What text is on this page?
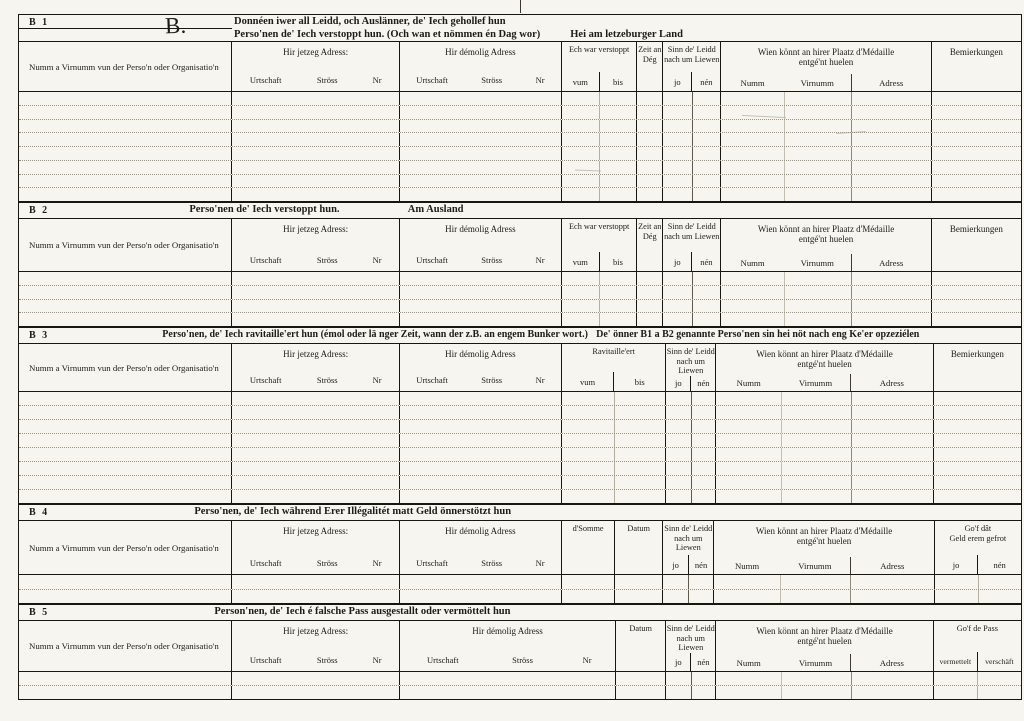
B 1	B.	Donnéen iwer all Leidd, och Auslänner, de' Iech gehollef hun
Perso'nen de' Iech verstoppt hun. (Och wan et nömmen én Dag wor)	Hei am letzeburger Land
Numm a Virnumm vun der Perso'n oder Organisatio'n
Hir jetzeg Adress:
Urtschaft	Ströss	Nr
Hir démolig Adress
Urtschaft	Ströss	Nr
Ech war verstoppt
vum	bis
Zeit an Dég
Sinn de' Leidd nach um Liewen
jo	nén
Wien könnt an hirer Plaatz d'Médaille
entgé'nt huelen
Numm	Virnumm	Adress
Bemierkungen
B 2	Perso'nen de' Iech verstoppt hun.	Am Ausland
Numm a Virnumm vun der Perso'n oder Organisatio'n
Hir jetzeg Adress:
Urtschaft	Ströss	Nr
Hir démolig Adress
Urtschaft	Ströss	Nr
Ech war verstoppt
vum	bis
Zeit an Dég
Sinn de' Leidd nach um Liewen
jo	nén
Wien könnt an hirer Plaatz d'Médaille
entgé'nt huelen
Numm	Virnumm	Adress
Bemierkungen
B 3	Perso'nen, de' Iech ravitaille'ert hun (émol oder lä nger Zeit, wann der z.B. an engem Bunker wort.) De' önner B1 a B2 genannte Perso'nen sin hei nöt nach eng Ke'er opzeziélen
Numm a Virnumm vun der Perso'n oder Organisatio'n
Hir jetzeg Adress:
Urtschaft	Ströss	Nr
Hir démolig Adress
Urtschaft	Ströss	Nr
Ravitaille'ert
vum	bis
Sinn de' Leidd nach um Liewen
jo	nén
Wien könnt an hirer Plaatz d'Médaille
entgé'nt huelen
Numm	Virnumm	Adress
Bemierkungen
B 4	Perso'nen, de' Iech während Erer Illégalitét matt Geld önnerstötzt hun
Numm a Virnumm vun der Perso'n oder Organisatio'n
Hir jetzeg Adress:
Urtschaft	Ströss	Nr
Hir démolig Adress
Urtschaft	Ströss	Nr
d'Somme	Datum	Sinn de' Leidd nach um Liewen
jo	nén
Wien könnt an hirer Plaatz d'Médaille
entgé'nt huelen
Numm	Virnumm	Adress
Go'f dât
Geld erem gefrot
jo	nén
B 5	Person'nen, de' Iech é falsche Pass ausgestallt oder vermöttelt hun
Numm a Virnumm vun der Perso'n oder Organisatio'n
Hir jetzeg Adress:
Urtschaft	Ströss	Nr
Hir démolig Adress
Urtschaft	Ströss	Nr
Datum	Sinn de' Leidd nach um Liewen
jo	nén
Wien könnt an hirer Plaatz d'Médaille
entgé'nt huelen
Numm	Virnumm	Adress
Go'f de Pass
vermettelt	verschäft
